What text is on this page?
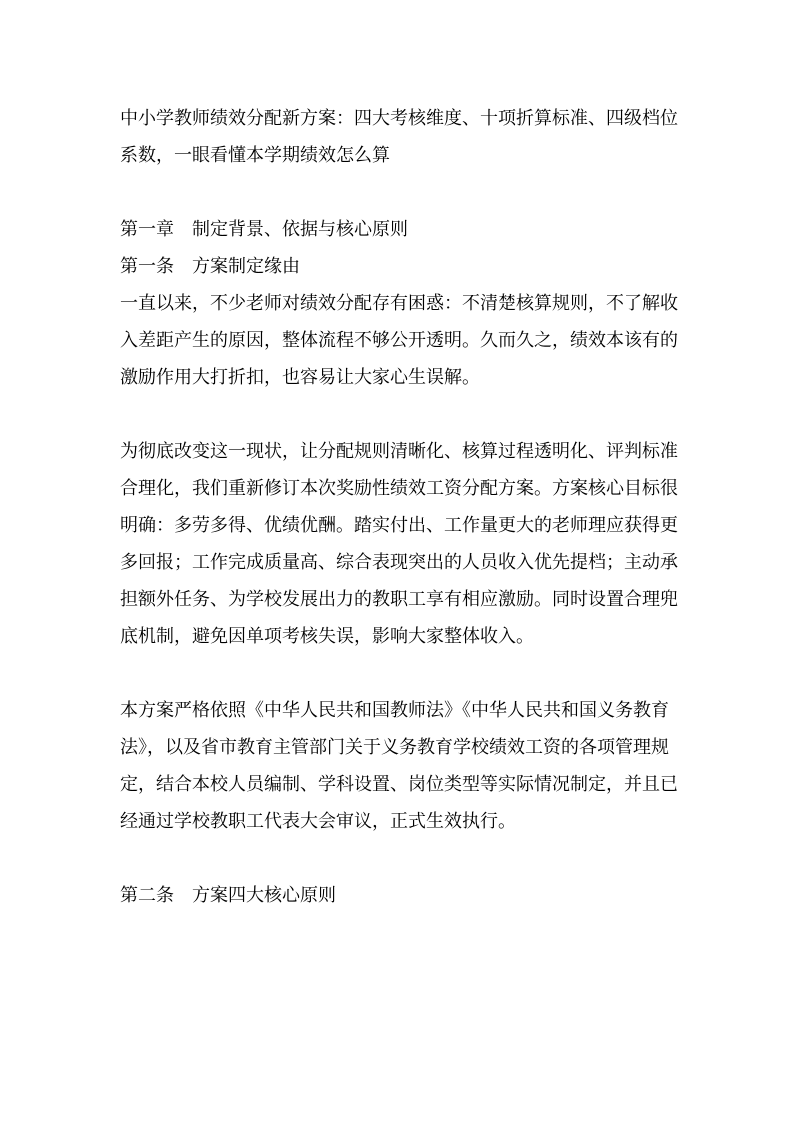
中小学教师绩效分配新方案：四大考核维度、十项折算标准、四级档位系数，一眼看懂本学期绩效怎么算

第一章　制定背景、依据与核心原则

第一条　方案制定缘由

一直以来，不少老师对绩效分配存有困惑：不清楚核算规则，不了解收入差距产生的原因，整体流程不够公开透明。久而久之，绩效本该有的激励作用大打折扣，也容易让大家心生误解。

为彻底改变这一现状，让分配规则清晰化、核算过程透明化、评判标准合理化，我们重新修订本次奖励性绩效工资分配方案。方案核心目标很明确：多劳多得、优绩优酬。踏实付出、工作量更大的老师理应获得更多回报；工作完成质量高、综合表现突出的人员收入优先提档；主动承担额外任务、为学校发展出力的教职工享有相应激励。同时设置合理兜底机制，避免因单项考核失误，影响大家整体收入。

本方案严格依照《中华人民共和国教师法》《中华人民共和国义务教育法》，以及省市教育主管部门关于义务教育学校绩效工资的各项管理规定，结合本校人员编制、学科设置、岗位类型等实际情况制定，并且已经通过学校教职工代表大会审议，正式生效执行。

第二条　方案四大核心原则
